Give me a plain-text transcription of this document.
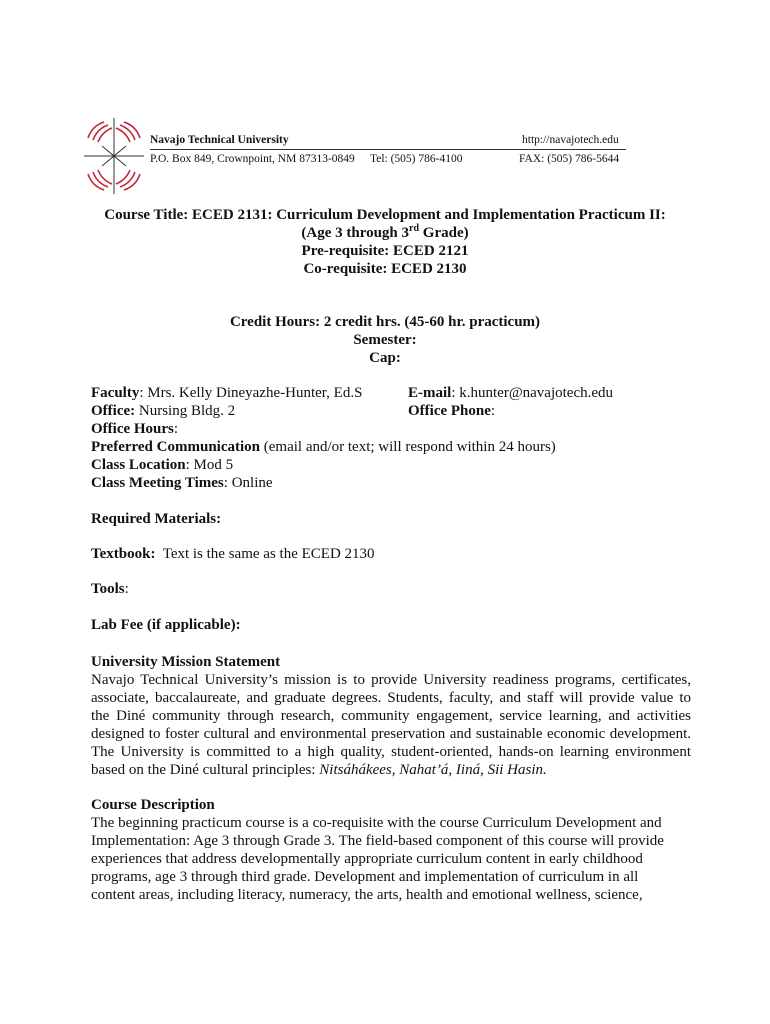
Navajo Technical University	http://navajotech.edu
P.O. Box 849, Crownpoint, NM 87313-0849 Tel: (505) 786-4100	FAX: (505) 786-5644
Course Title: ECED 2131: Curriculum Development and Implementation Practicum II:
(Age 3 through 3rd Grade)
Pre-requisite: ECED 2121
Co-requisite: ECED 2130
Credit Hours: 2 credit hrs. (45-60 hr. practicum)
Semester:
Cap:
Faculty: Mrs. Kelly Dineyazhe-Hunter, Ed.S	E-mail: k.hunter@navajotech.edu
Office: Nursing Bldg. 2	Office Phone:
Office Hours:
Preferred Communication (email and/or text; will respond within 24 hours)
Class Location: Mod 5
Class Meeting Times: Online
Required Materials:
Textbook:  Text is the same as the ECED 2130
Tools:
Lab Fee (if applicable):
University Mission Statement
Navajo Technical University’s mission is to provide University readiness programs, certificates,
associate, baccalaureate, and graduate degrees. Students, faculty, and staff will provide value to
the Diné community through research, community engagement, service learning, and activities
designed to foster cultural and environmental preservation and sustainable economic development.
The University is committed to a high quality, student-oriented, hands-on learning environment
based on the Diné cultural principles: Nitsáhákees, Nahat’á, Iiná, Sii Hasin.
Course Description
The beginning practicum course is a co-requisite with the course Curriculum Development and
Implementation: Age 3 through Grade 3. The field-based component of this course will provide
experiences that address developmentally appropriate curriculum content in early childhood
programs, age 3 through third grade. Development and implementation of curriculum in all
content areas, including literacy, numeracy, the arts, health and emotional wellness, science,
